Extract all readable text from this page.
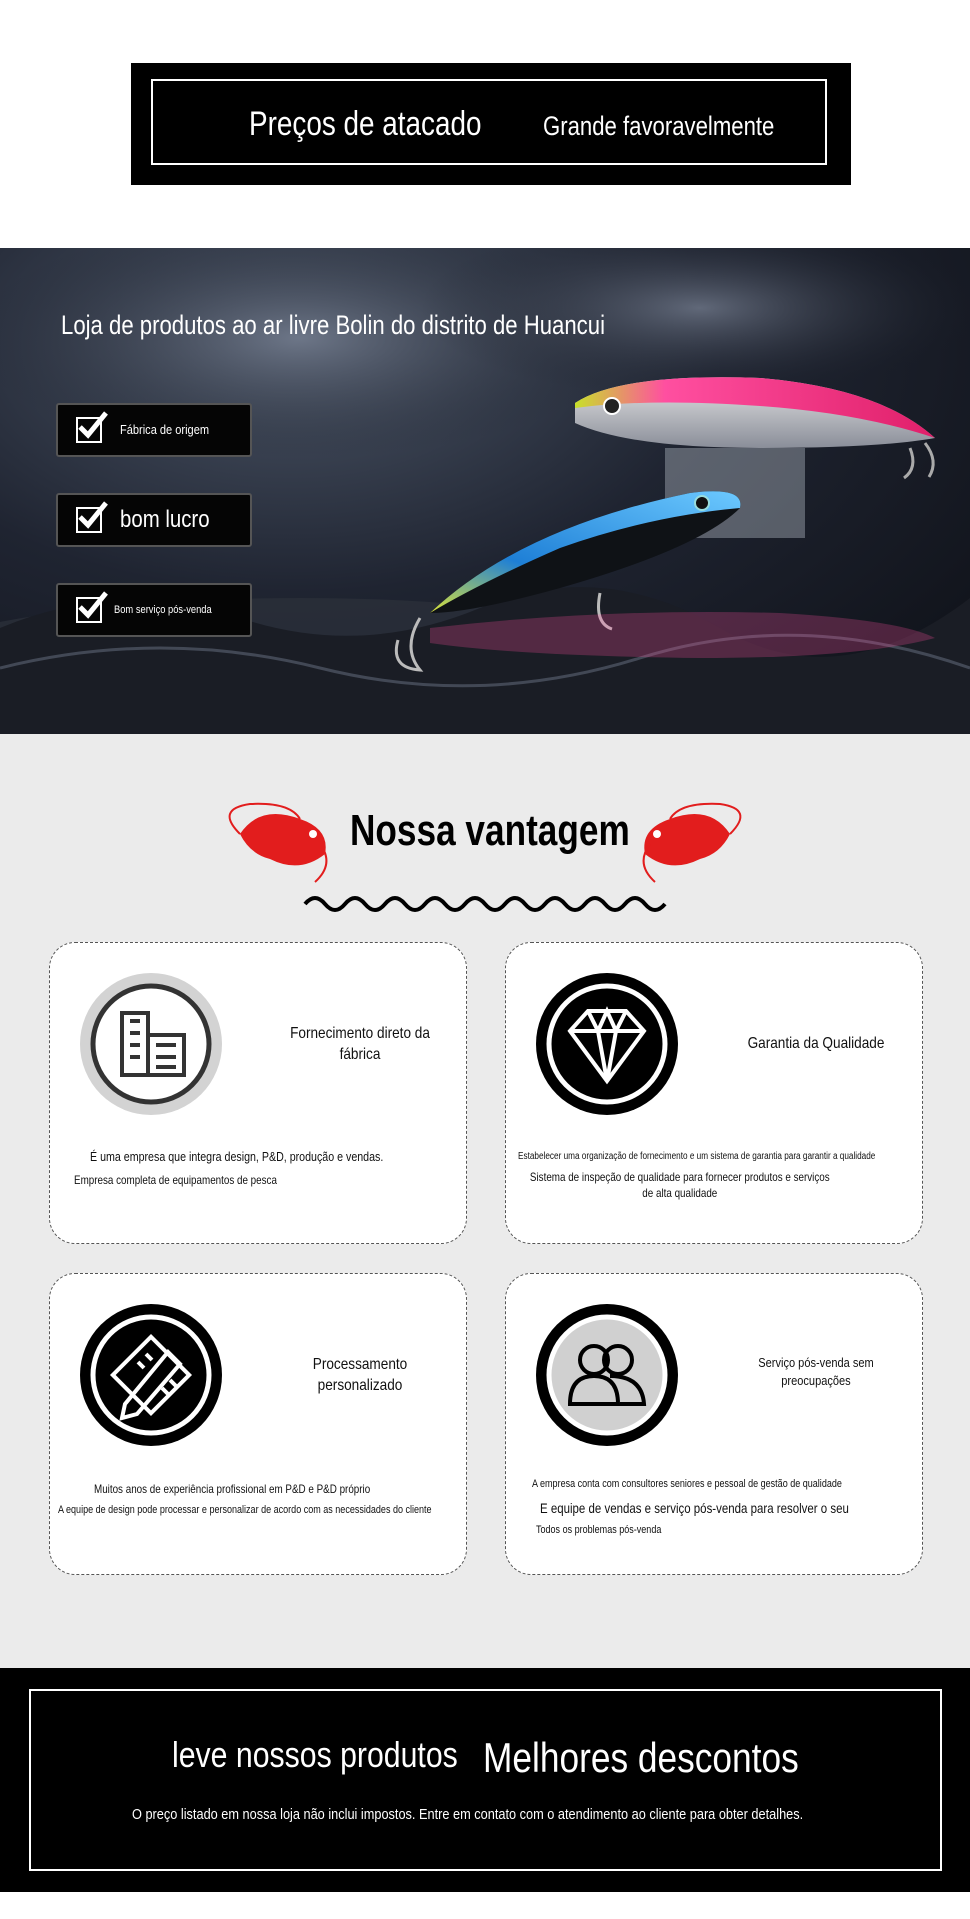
Preços de atacado Grande favoravelmente
Loja de produtos ao ar livre Bolin do distrito de Huancui
Fábrica de origem
bom lucro
Bom serviço pós-venda
Nossa vantagem
Fornecimento direto da fábrica
É uma empresa que integra design, P&D, produção e vendas.
Empresa completa de equipamentos de pesca
Garantia da Qualidade
Estabelecer uma organização de fornecimento e um sistema de garantia para garantir a qualidade
Sistema de inspeção de qualidade para fornecer produtos e serviços de alta qualidade
Processamento personalizado
Muitos anos de experiência profissional em P&D e P&D próprio
A equipe de design pode processar e personalizar de acordo com as necessidades do cliente
Serviço pós-venda sem preocupações
A empresa conta com consultores seniores e pessoal de gestão de qualidade
E equipe de vendas e serviço pós-venda para resolver o seu
Todos os problemas pós-venda
leve nossos produtos Melhores descontos
O preço listado em nossa loja não inclui impostos. Entre em contato com o atendimento ao cliente para obter detalhes.
